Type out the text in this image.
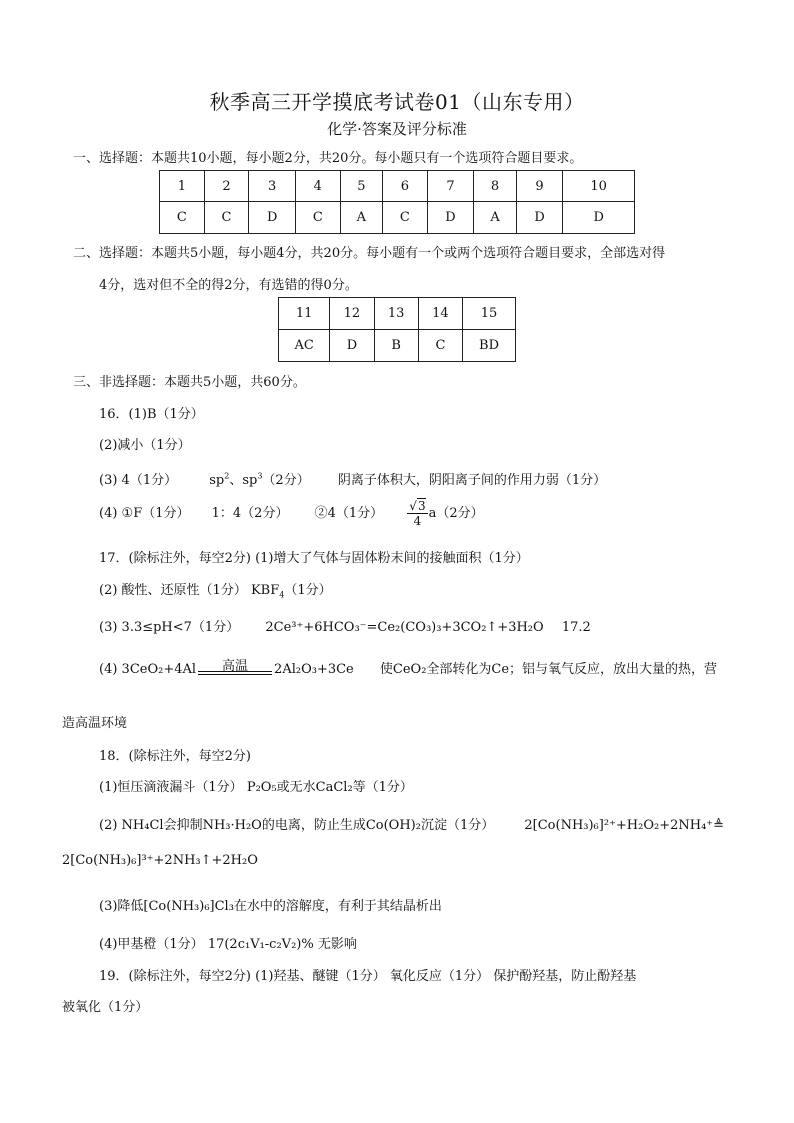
秋季高三开学摸底考试卷01（山东专用）
化学·答案及评分标准
一、选择题：本题共10小题，每小题2分，共20分。每小题只有一个选项符合题目要求。
1	2	3	4	5	6	7	8	9	10
C	C	D	C	A	C	D	A	D	D
二、选择题：本题共5小题，每小题4分，共20分。每小题有一个或两个选项符合题目要求，全部选对得
4分，选对但不全的得2分，有选错的得0分。
11	12	13	14	15
AC	D	B	C	BD
三、非选择题：本题共5小题，共60分。
16．(1)B（1分）
(2)减小（1分）
(3) 4（1分） $sp^2$、$sp^3(2$分） 阴离子体积大，阴阳离子间的作用力弱（1分）
(4) ①F（1分） 1：4（2分） ②4（1分） $\frac{√3}{4} a(2$分）
17．(除标注外，每空2分) (1)增大了气体与固体粉末间的接触面积（1分）
(2) 酸性、还原性（1分） $KBF_4(1$分）
(3) 3.3≤pH<7（1分） 2Ce³⁺+6HCO₃⁻=Ce₂(CO₃)₃+3CO₂↑+3H₂O 17.2
(4) 3CeO₂+4Al	高温	2Al₂O₃+3Ce 使CeO₂全部转化为Ce；铝与氧气反应，放出大量的热，营
造高温环境
18．(除标注外，每空2分)
(1)恒压滴液漏斗（1分） P₂O₅或无水CaCl₂等（1分）
(2) NH₄Cl会抑制NH₃·H₂O的电离，防止生成Co(OH)₂沉淀（1分） 2[Co(NH₃)₆]²⁺+H₂O₂+2NH₄⁺≜
2[Co(NH₃)₆]³⁺+2NH₃↑+2H₂O
(3)降低[Co(NH₃)₆]Cl₃在水中的溶解度，有利于其结晶析出
(4)甲基橙（1分） 17(2c₁V₁-c₂V₂)% 无影响
19．(除标注外，每空2分) (1)羟基、醚键（1分） 氧化反应（1分） 保护酚羟基，防止酚羟基
被氧化（1分）
